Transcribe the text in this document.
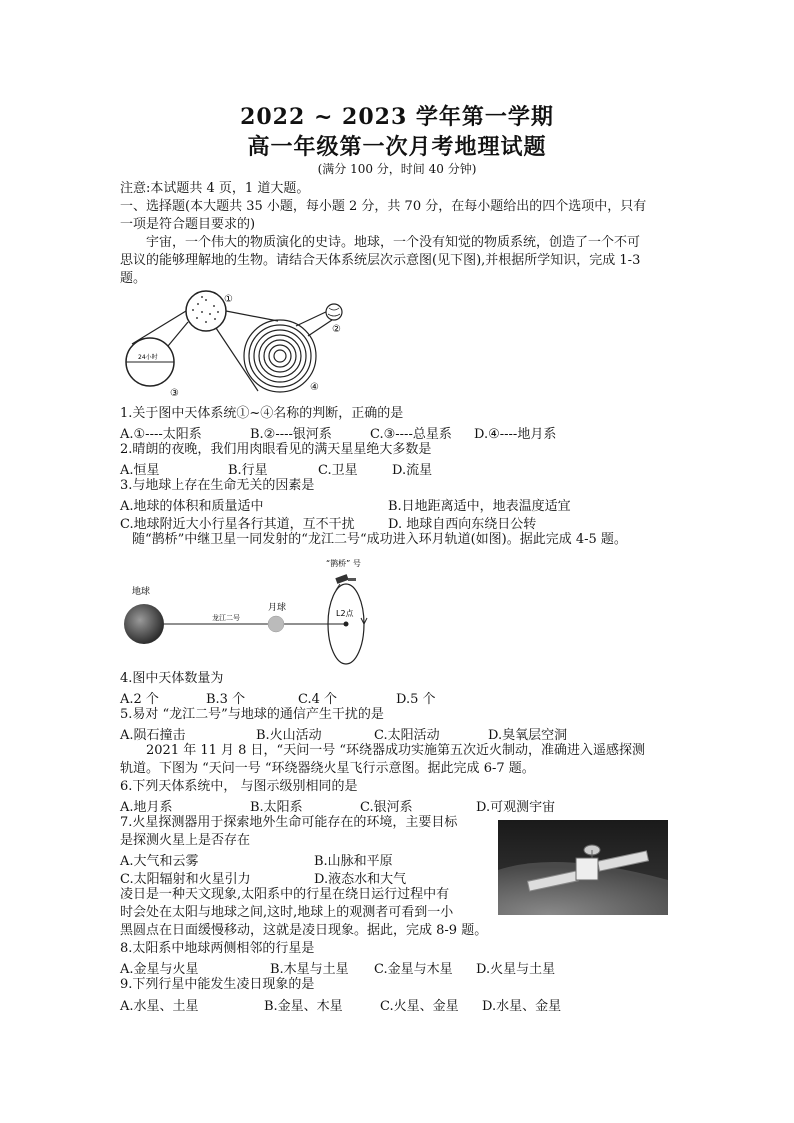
2022 ~ 2023 学年第一学期
高一年级第一次月考地理试题
(满分 100 分，时间 40 分钟)
注意:本试题共 4 页，1 道大题。
一、选择题(本大题共 35 小题，每小题 2 分，共 70 分，在每小题给出的四个选项中，只有
一项是符合题目要求的)
宇宙，一个伟大的物质演化的史诗。地球，一个没有知觉的物质系统，创造了一个不可
思议的能够理解地的生物。请结合天体系统层次示意图(见下图),并根据所学知识，完成 1-3
题。
24小时
①
②
③
④
1.关于图中天体系统①~④名称的判断，正确的是
A.①----太阳系	B.②----银河系	C.③----总星系 D.④----地月系
2.晴朗的夜晚，我们用肉眼看见的满天星星绝大多数是
A.恒星	B.行星	C.卫星	D.流星
3.与地球上存在生命无关的因素是
A.地球的体积和质量适中	B.日地距离适中，地表温度适宜
C.地球附近大小行星各行其道，互不干扰	D. 地球自西向东绕日公转
随“鹊桥”中继卫星一同发射的“龙江二号“成功进入环月轨道(如图)。据此完成 4-5 题。
地球
龙江二号
月球
L2点
“鹊桥” 号
4.图中天体数量为
A.2 个	B.3 个	C.4 个	D.5 个
5.易对 “龙江二号”与地球的通信产生干扰的是
A.陨石撞击	B.火山活动	C.太阳活动	D.臭氧层空洞
2021 年 11 月 8 日，“天问一号 “环绕器成功实施第五次近火制动，准确进入遥感探测
轨道。下图为 “天问一号 “环绕器绕火星飞行示意图。据此完成 6-7 题。
6.下列天体系统中， 与图示级别相同的是
A.地月系	B.太阳系	C.银河系	D.可观测宇宙
7.火星探测器用于探索地外生命可能存在的环境，主要目标
是探测火星上是否存在
A.大气和云雾	B.山脉和平原
C.太阳辐射和火星引力	D.液态水和大气
凌日是一种天文现象,太阳系中的行星在绕日运行过程中有
时会处在太阳与地球之间,这时,地球上的观测者可看到一小
黑圆点在日面缓慢移动，这就是凌日现象。据此，完成 8-9 题。
8.太阳系中地球两侧相邻的行星是
A.金星与火星	B.木星与土星 C.金星与木星 D.火星与土星
9.下列行星中能发生凌日现象的是
A.水星、土星	B.金星、木星	C.火星、金星 D.水星、金星
